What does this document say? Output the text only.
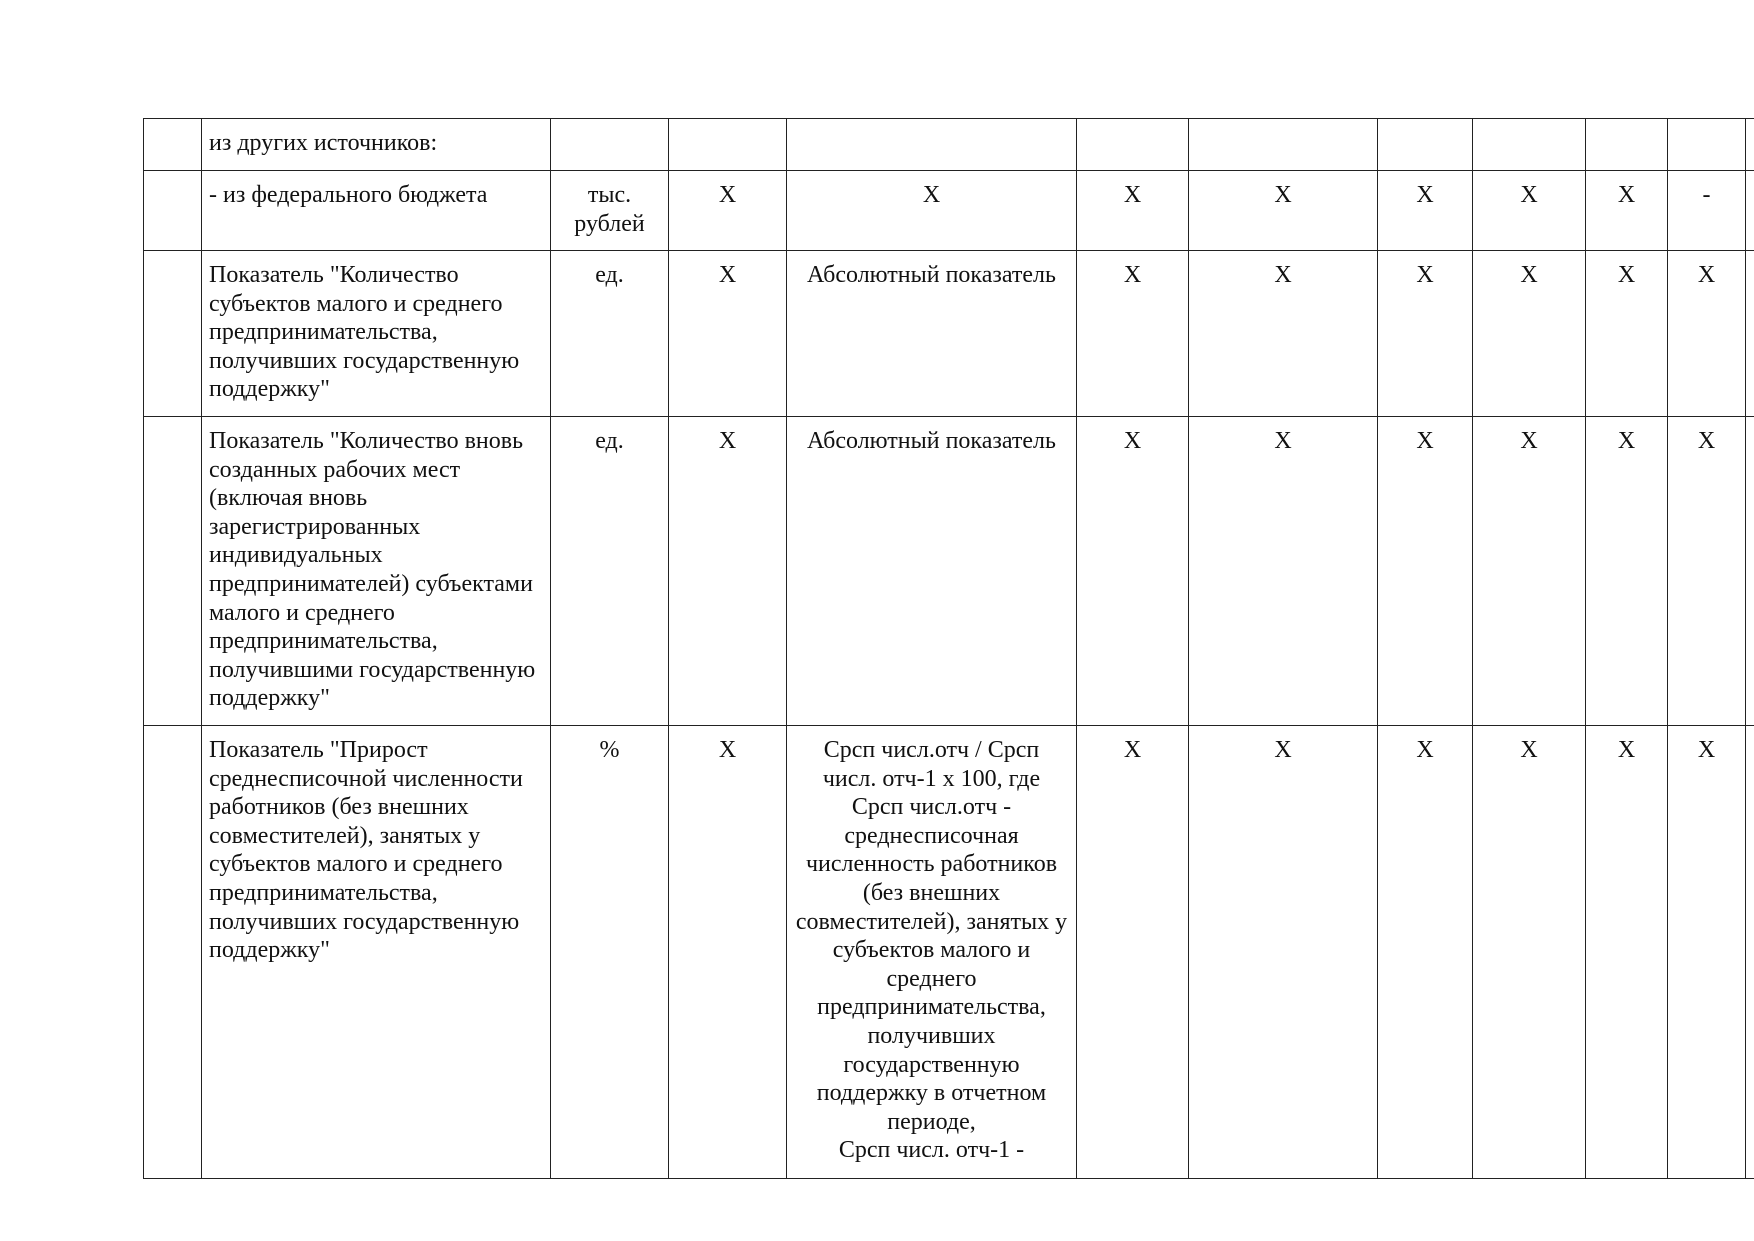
	из других источников:										
	- из федерального бюджета	тыс. рублей	X	X	X	X	X	X	X	-	
	Показатель "Количество субъектов малого и среднего предпринимательства, получивших государственную поддержку"	ед.	X	Абсолютный показатель	X	X	X	X	X	X	
	Показатель "Количество вновь созданных рабочих мест (включая вновь зарегистрированных индивидуальных предпринимателей) субъектами малого и среднего предпринимательства, получившими государственную поддержку"	ед.	X	Абсолютный показатель	X	X	X	X	X	X	
	Показатель "Прирост среднесписочной численности работников (без внешних совместителей), занятых у субъектов малого и среднего предпринимательства, получивших государственную поддержку"	%	X	Срсп числ.отч / Срсп числ. отч-1 x 100, где Срсп числ.отч - среднесписочная численность работников (без внешних совместителей), занятых у субъектов малого и среднего предпринимательства, получивших государственную поддержку в отчетном периоде,
Срсп числ. отч-1 -	X	X	X	X	X	X	
